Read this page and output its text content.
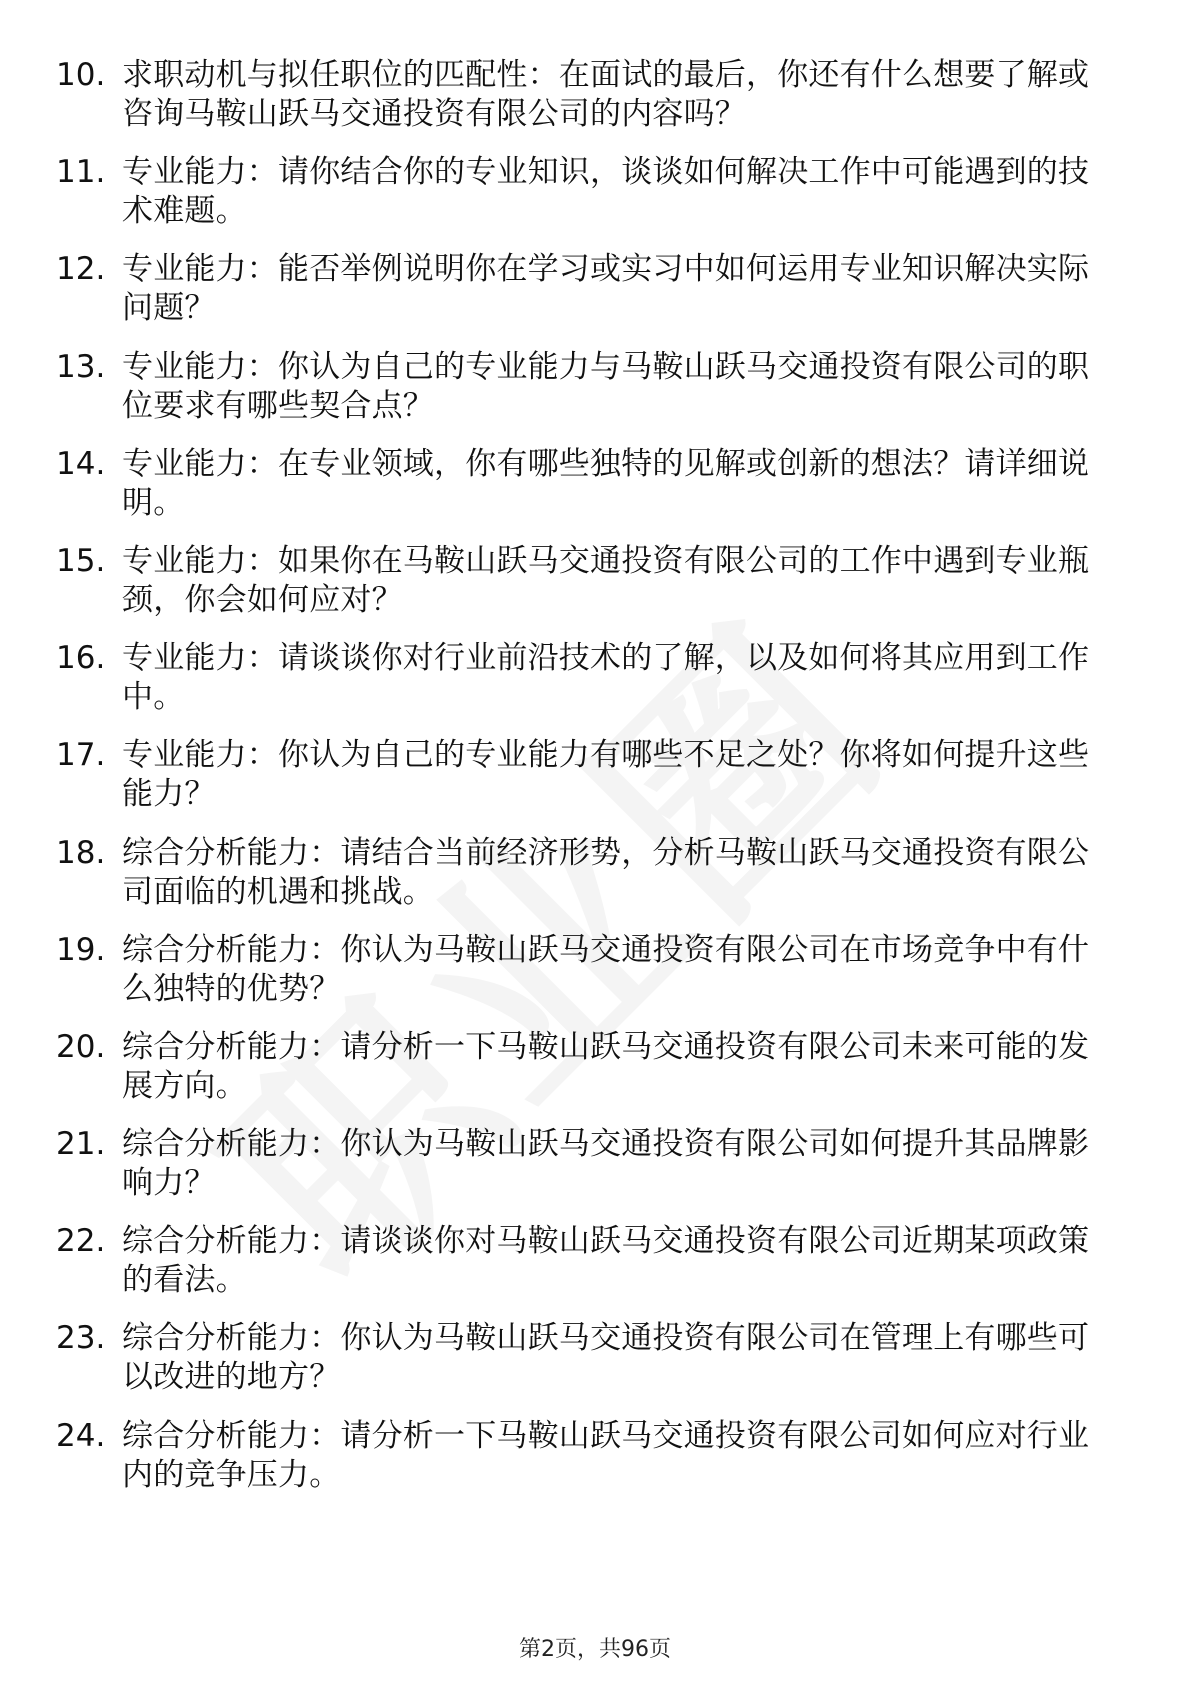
10. 求职动机与拟任职位的匹配性：在面试的最后，你还有什么想要了解或咨询马鞍山跃马交通投资有限公司的内容吗？
11. 专业能力：请你结合你的专业知识，谈谈如何解决工作中可能遇到的技术难题。
12. 专业能力：能否举例说明你在学习或实习中如何运用专业知识解决实际问题？
13. 专业能力：你认为自己的专业能力与马鞍山跃马交通投资有限公司的职位要求有哪些契合点？
14. 专业能力：在专业领域，你有哪些独特的见解或创新的想法？请详细说明。
15. 专业能力：如果你在马鞍山跃马交通投资有限公司的工作中遇到专业瓶颈，你会如何应对？
16. 专业能力：请谈谈你对行业前沿技术的了解，以及如何将其应用到工作中。
17. 专业能力：你认为自己的专业能力有哪些不足之处？你将如何提升这些能力？
18. 综合分析能力：请结合当前经济形势，分析马鞍山跃马交通投资有限公司面临的机遇和挑战。
19. 综合分析能力：你认为马鞍山跃马交通投资有限公司在市场竞争中有什么独特的优势？
20. 综合分析能力：请分析一下马鞍山跃马交通投资有限公司未来可能的发展方向。
21. 综合分析能力：你认为马鞍山跃马交通投资有限公司如何提升其品牌影响力？
22. 综合分析能力：请谈谈你对马鞍山跃马交通投资有限公司近期某项政策的看法。
23. 综合分析能力：你认为马鞍山跃马交通投资有限公司在管理上有哪些可以改进的地方？
24. 综合分析能力：请分析一下马鞍山跃马交通投资有限公司如何应对行业内的竞争压力。
第2页，共96页
